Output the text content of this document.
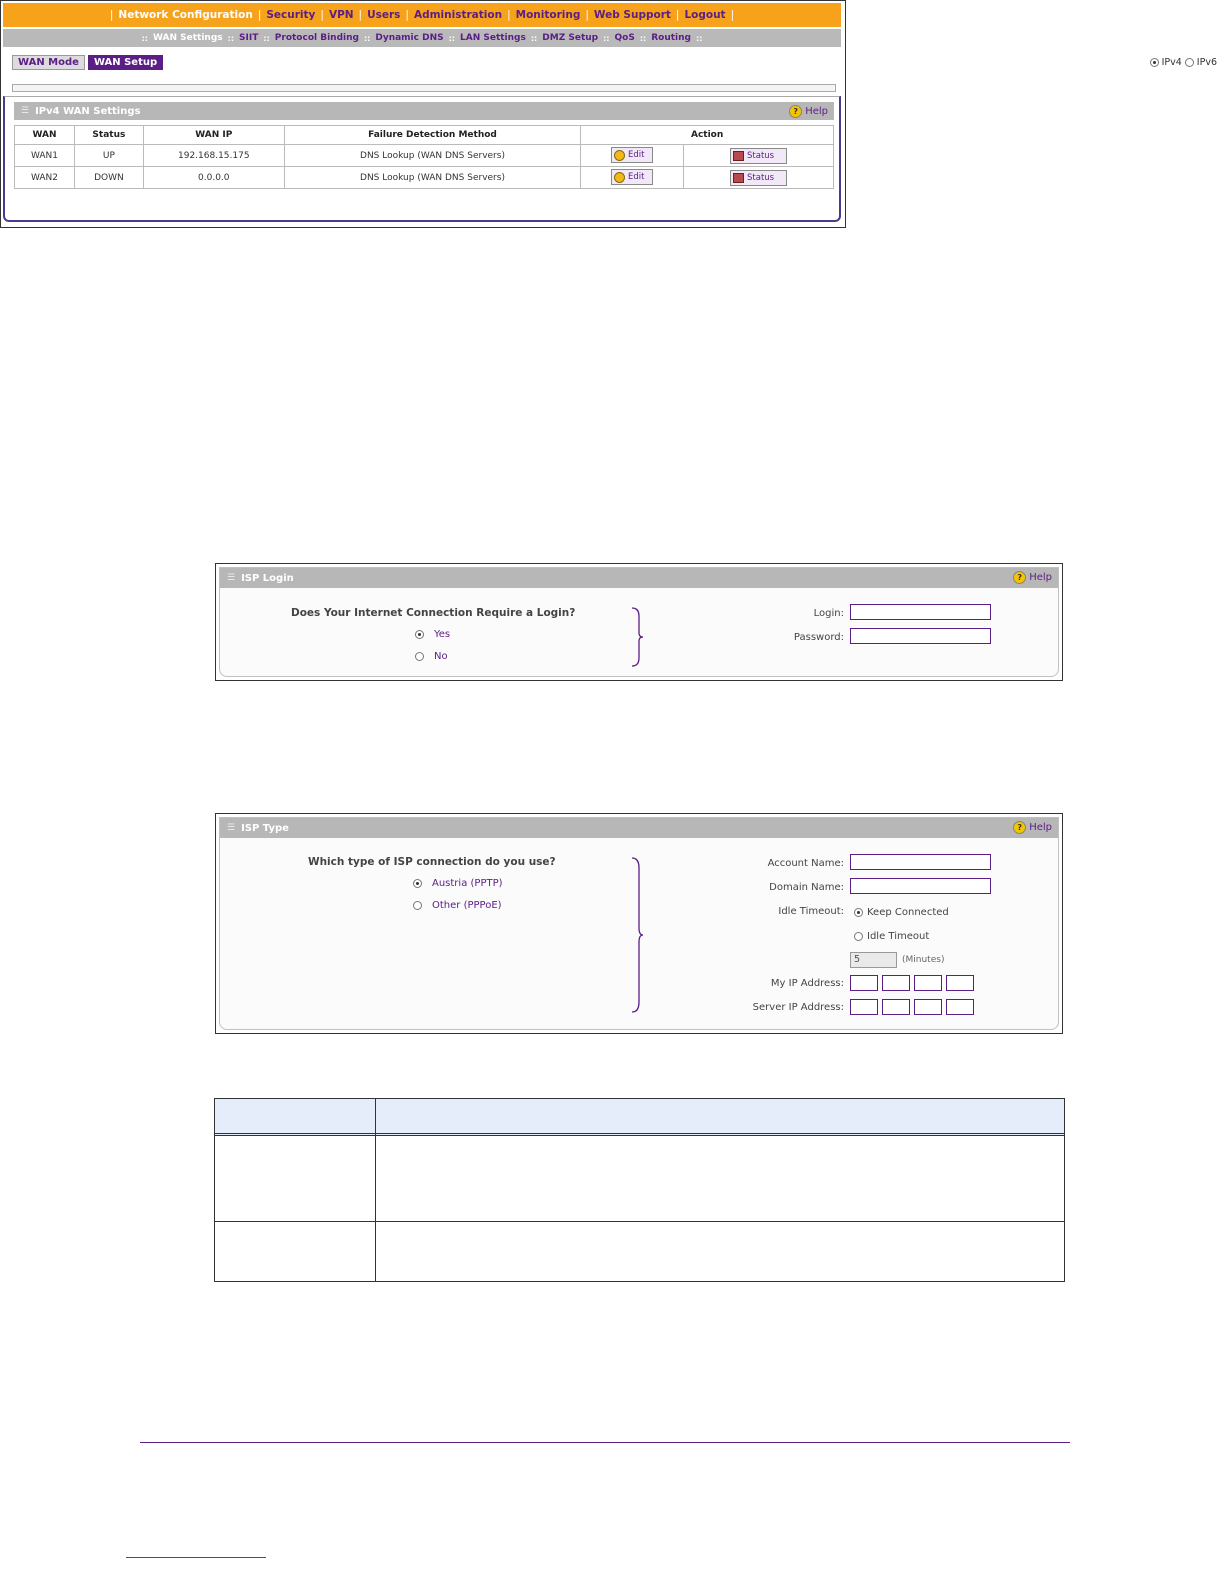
| Network Configuration | Security | VPN | Users | Administration | Monitoring | Web Support | Logout |
:: WAN Settings :: SIIT :: Protocol Binding :: Dynamic DNS :: LAN Settings :: DMZ Setup :: QoS :: Routing ::
WAN Mode	WAN Setup	IPv4 IPv6
☰ IPv4 WAN Settings	? Help
WAN	Status	WAN IP	Failure Detection Method	Action	
WAN1	UP	192.168.15.175	DNS Lookup (WAN DNS Servers)	Edit	Status

WAN2	DOWN	0.0.0.0	DNS Lookup (WAN DNS Servers)	Edit	Status
☰ ISP Login	? Help
Does Your Internet Connection Require a Login?
Yes
No
Login:
Password:
☰ ISP Type	? Help
Which type of ISP connection do you use?
Austria (PPTP)
Other (PPPoE)
Account Name:
Domain Name:
Idle Timeout: Keep Connected
Idle Timeout
5	(Minutes)
My IP Address:
Server IP Address:
